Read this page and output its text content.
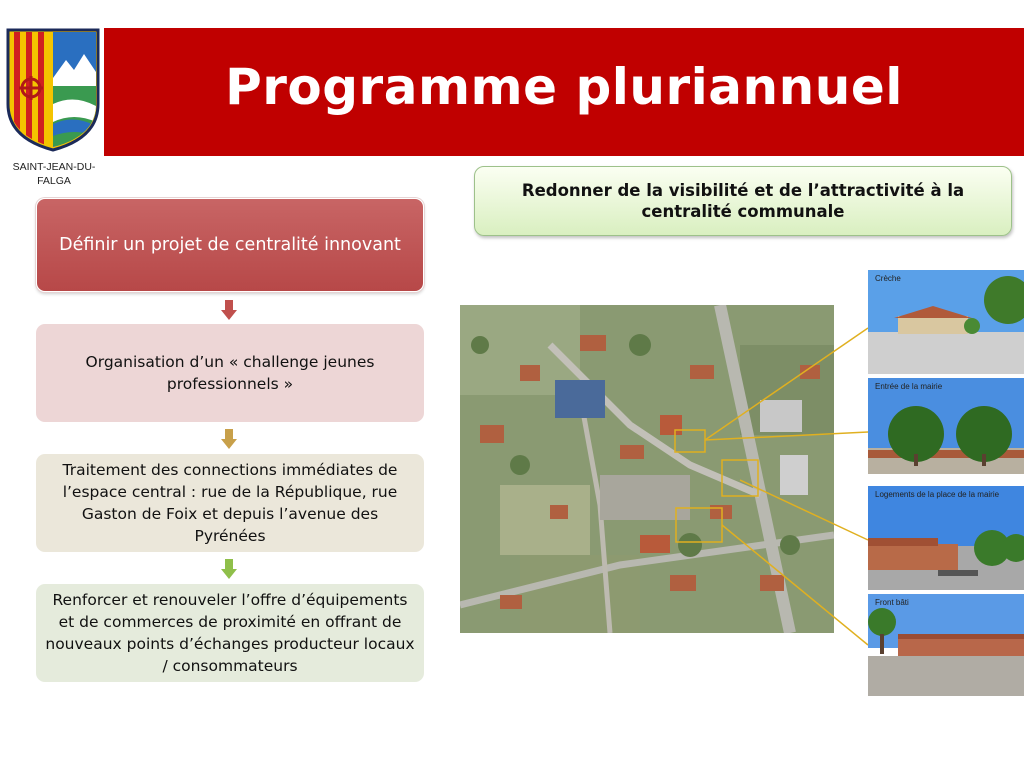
Programme pluriannuel
SAINT-JEAN-DU-
FALGA
Définir un projet de centralité innovant
Organisation d’un « challenge jeunes professionnels »
Traitement des connections immédiates de l’espace central : rue de la République, rue Gaston de Foix et depuis l’avenue des Pyrénées
Renforcer et renouveler l’offre d’équipements et de commerces de proximité en offrant de nouveaux points d’échanges producteur locaux / consommateurs
Redonner de la visibilité et de l’attractivité à la centralité communale
Crèche
Entrée de la mairie
Logements de la place de la mairie
Front bâti
